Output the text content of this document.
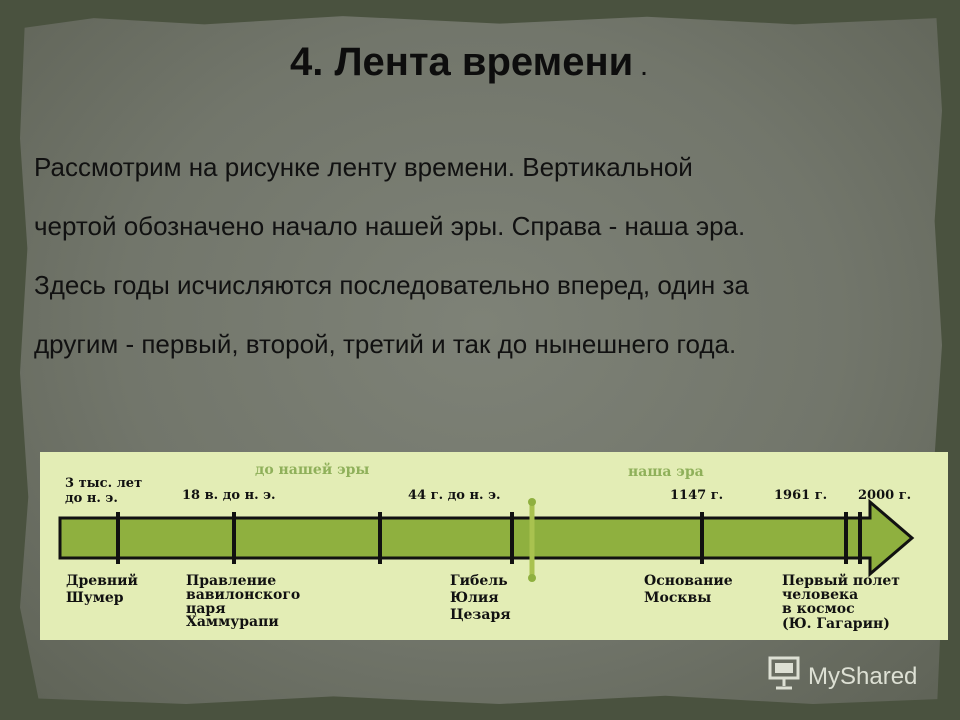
4. Лента времени .
Рассмотрим на рисунке ленту времени. Вертикальной
чертой обозначено начало нашей эры. Справа - наша эра.
Здесь годы исчисляются последовательно вперед, один за
другим - первый, второй, третий и так до нынешнего года.
до нашей эры	наша эра
3 тыс. лет
до н. э.	18 в. до н. э.	44 г. до н. э.	1147 г.	1961 г. 2000 г.
Древний
Шумер
Правление
вавилонского
царя
Хаммурапи
Гибель
Юлия
Цезаря
Основание
Москвы
Первый полет
человека
в космос
(Ю. Гагарин)
MyShared
